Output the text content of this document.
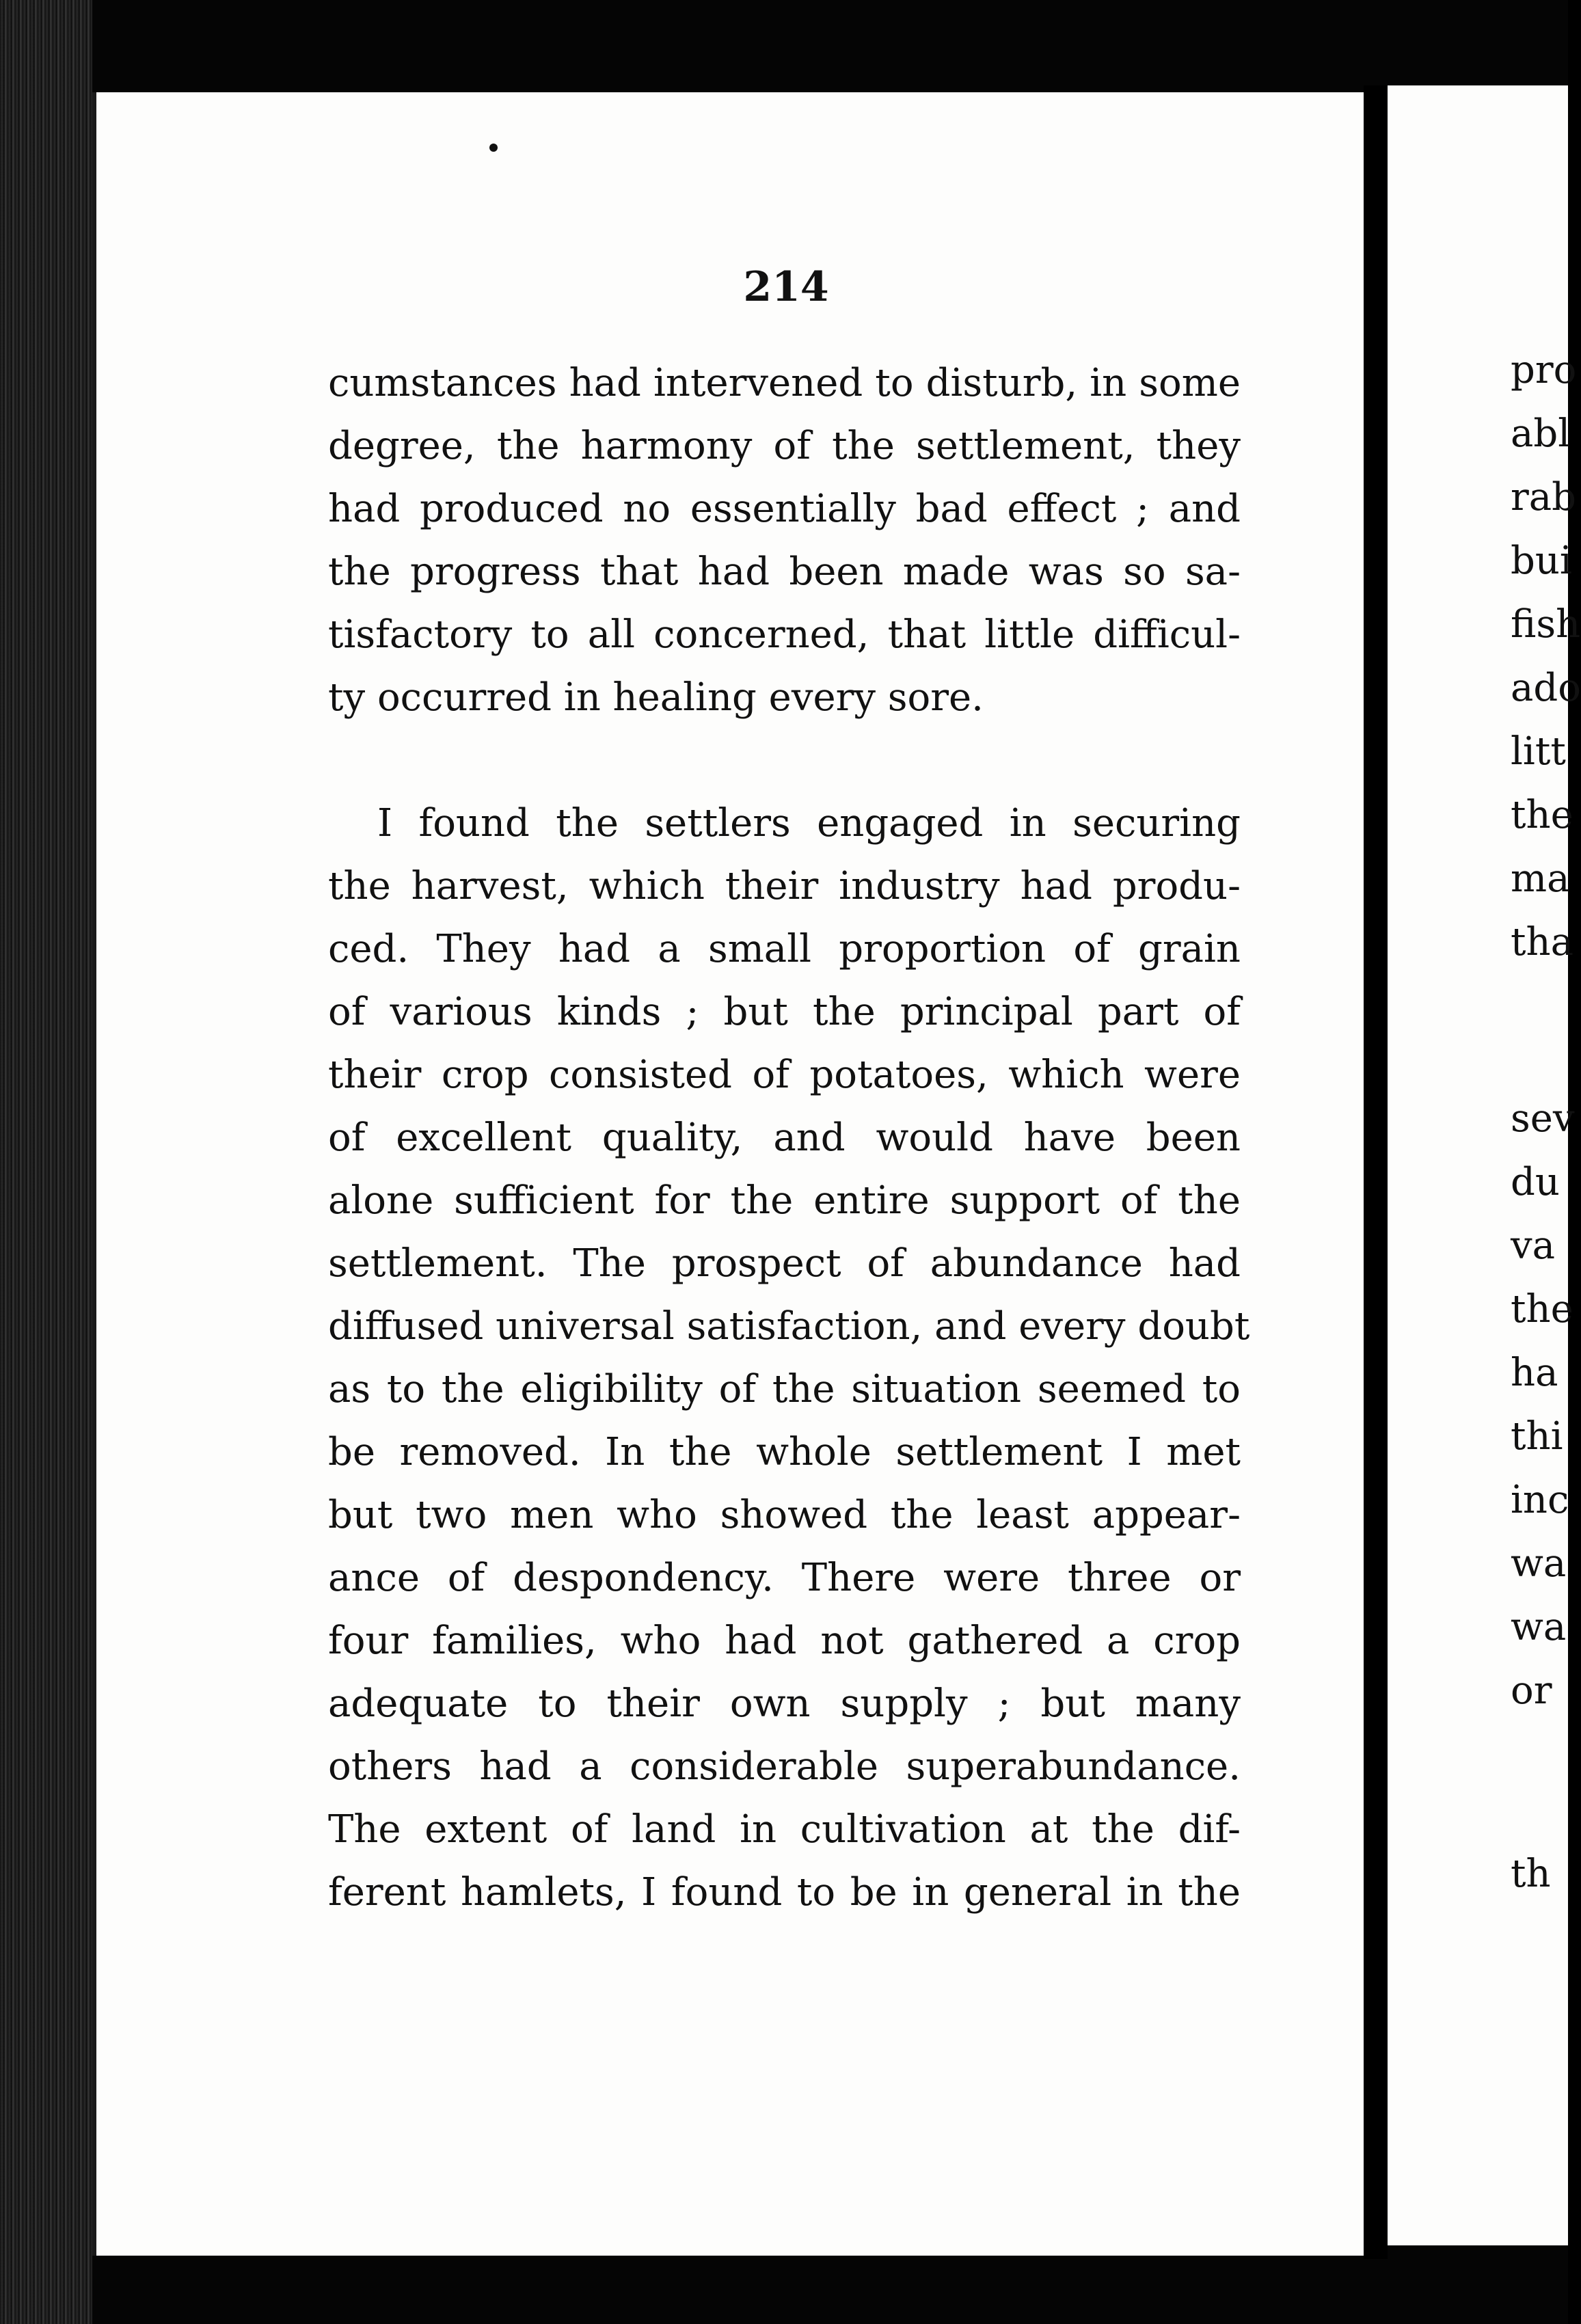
214
cumstances had intervened to disturb, in some
degree, the harmony of the settlement, they
had produced no essentially bad effect ; and
the progress that had been made was so sa-
tisfactory to all concerned, that little difficul-
ty occurred in healing every sore.
I found the settlers engaged in securing
the harvest, which their industry had produ-
ced. They had a small proportion of grain
of various kinds ; but the principal part of
their crop consisted of potatoes, which were
of excellent quality, and would have been
alone sufficient for the entire support of the
settlement. The prospect of abundance had
diffused universal satisfaction, and every doubt
as to the eligibility of the situation seemed to
be removed. In the whole settlement I met
but two men who showed the least appear-
ance of despondency. There were three or
four families, who had not gathered a crop
adequate to their own supply ; but many
others had a considerable superabundance.
The extent of land in cultivation at the dif-
ferent hamlets, I found to be in general in the
pro
abl
rab
bui
fish
ado
litt
the
ma
tha
sev
du
va
the
ha
thi
inc
wa
wa
or
th
